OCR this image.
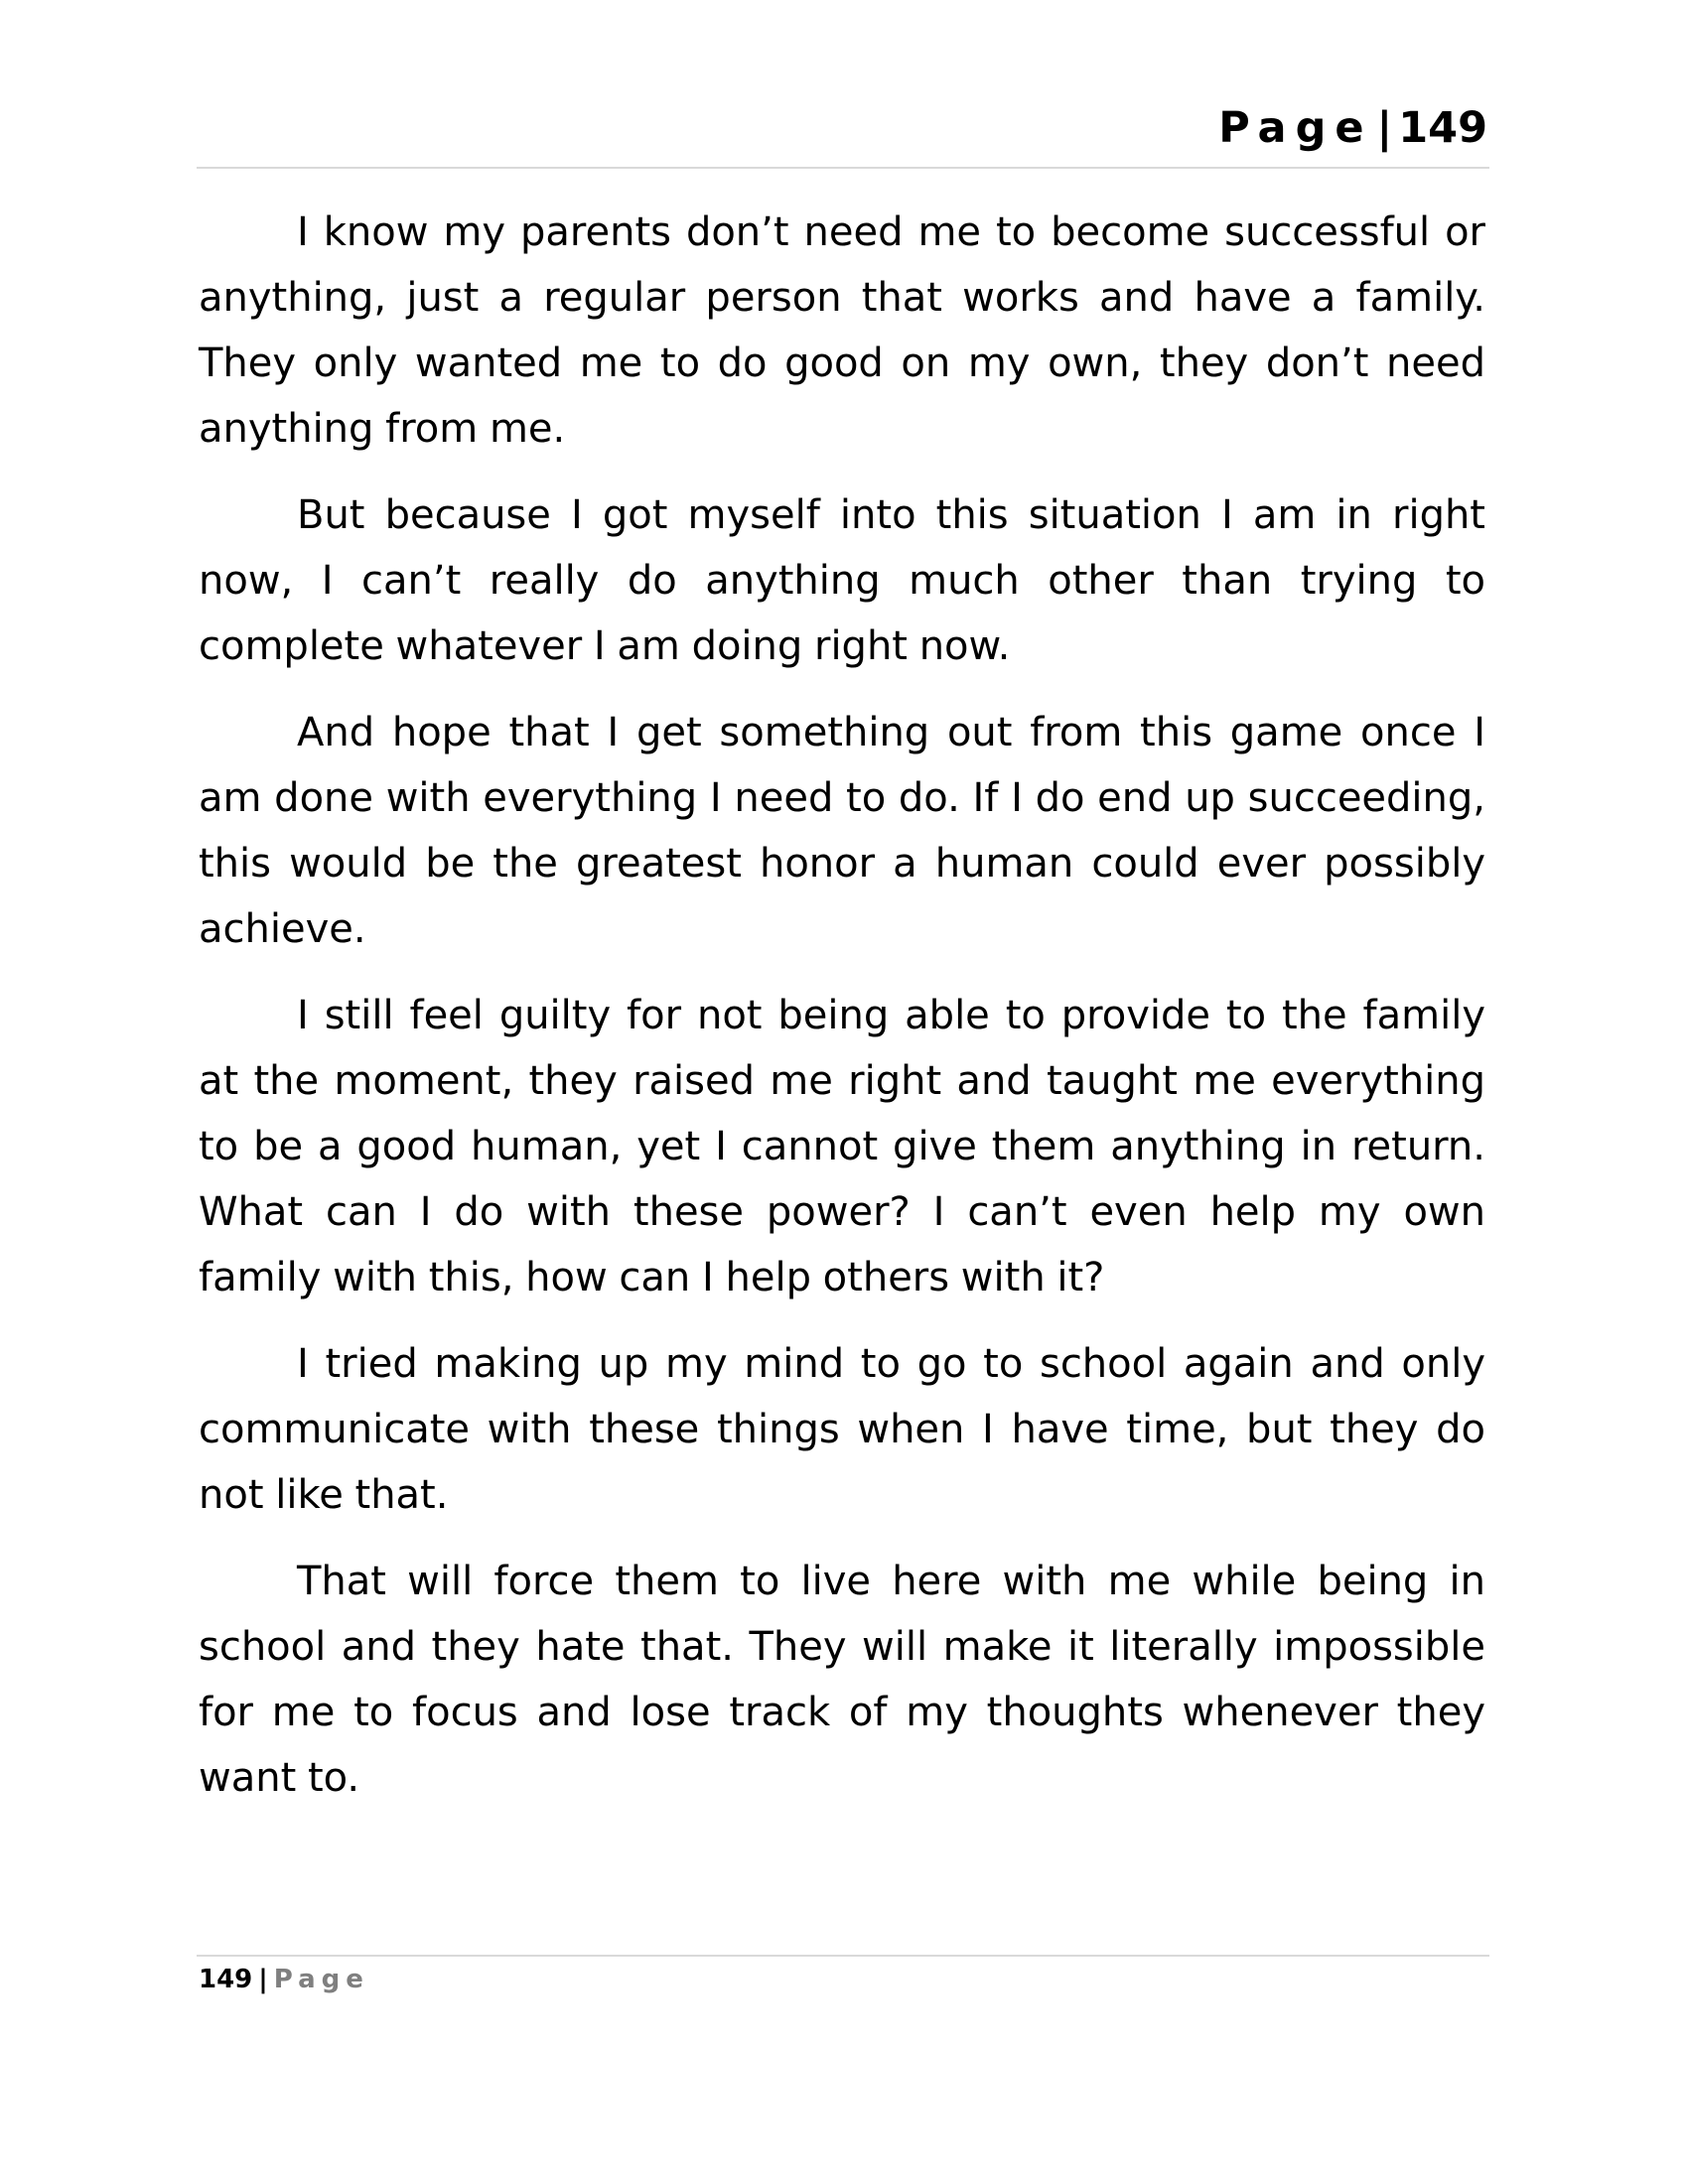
Page| 149

I know my parents don’t need me to become successful or anything, just a regular person that works and have a family. They only wanted me to do good on my own, they don’t need anything from me.

But because I got myself into this situation I am in right now, I can’t really do anything much other than trying to complete whatever I am doing right now.

And hope that I get something out from this game once I am done with everything I need to do. If I do end up succeeding, this would be the greatest honor a human could ever possibly achieve.

I still feel guilty for not being able to provide to the family at the moment, they raised me right and taught me everything to be a good human, yet I cannot give them anything in return. What can I do with these power? I can’t even help my own family with this, how can I help others with it?

I tried making up my mind to go to school again and only communicate with these things when I have time, but they do not like that.

That will force them to live here with me while being in school and they hate that. They will make it literally impossible for me to focus and lose track of my thoughts whenever they want to.

149 | Page
